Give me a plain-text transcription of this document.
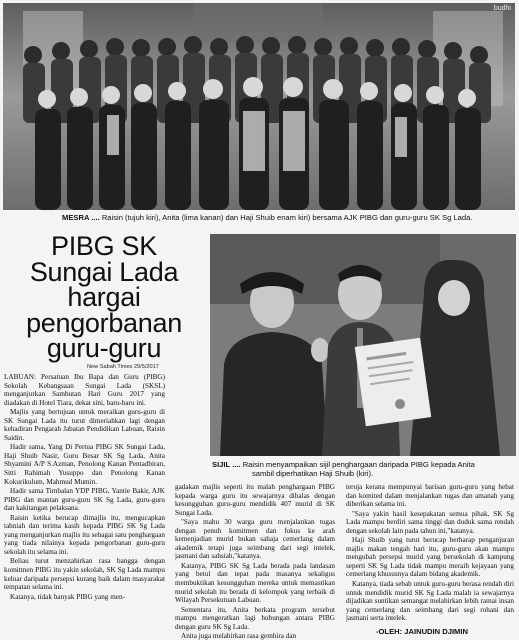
budhi
MESRA .... Raisin (tujuh kiri), Anita (lima kanan) dan Haji Shuib enam kiri) bersama AJK PIBG dan guru-guru SK Sg Lada.
PIBG SK
Sungai Lada
hargai
pengorbanan
guru-guru
New Sabah Times 29/5/2017
SIJIL .... Raisin menyampaikan sijil penghargaan daripada PIBG kepada Anita
sambil diperhatikan Haji Shuib (kiri).

LABUAN: Persatuan Ibu Bapa dan Guru (PIBG) Sekolah Kebangsaan Sungai Lada (SKSL) menganjurkan Sambutan Hari Guru 2017 yang diadakan di Hotel Tiara, dekat sini, baru-baru ini.

Majlis yang bertujuan untuk meraikan guru-guru di SK Sungai Lada itu turut dimeriahkan lagi dengan kehadiran Pengarah Jabatan Pendidikan Labuan, Raisin Saidin.

Hadir sama, Yang Di Pertua PIBG SK Sungai Lada, Haji Shuib Nasir, Guru Besar SK Sg Lada, Anita Shyamini A/P S.Azman, Penolong Kanan Pentadbiran, Sitti Rahimah Yusuppo dan Penolong Kanan Kokurikulum, Mahmud Mumin.

Hadir sama Timbalan YDP PIBG, Yantie Bakir, AJK PIBG dan mantan guru-guru SK Sg Lada, guru-guru dan kakitangan pelaksana.

Raisin ketika berucap dimajlis itu, mengucapkan tahniah dan terima kasih kepada PIBG SK Sg Lada yang menganjurkan majlis itu sebagai satu penghargaan yang tiada nilainya kepada pengorbanan guru-guru sekolah itu selama ini.

Beliau turut menzahirkan rasa bangga dengan komitmen PIBG itu yakin sekolah, SK Sg Lada mampu keluar daripada persepsi kurang baik dalam masyarakat tempatan selama ini.

Katanya, tidak banyak PIBG yang men-

gadakan majlis seperti itu malah penghargaan PIBG kepada warga guru itu sewajarnya dibalas dengan kesungguhan guru-guru mendidik 407 murid di SK Sungai Lada.

"Saya mahu 30 warga guru menjalankan tugas dengan penuh komitmen dan fokus ke arah kemenjadian murid bukan sahaja cemerlang dalam akademik tetapi juga seimbang dari segi intelek, jasmani dan sahsiah,"katanya.

Katanya, PIBG SK Sg Lada berada pada landasan yang betul dan tepat pada masanya sekaligus membuktikan kesungguhan mereka untuk memastikan murid sekolah itu berada di kelompok yang terbaik di Wilayah Persekutuan Labuan.

Sementara itu, Anita berkata program tersebut mampu mengeratkan lagi hubungan antara PIBG dengan guru SK Sg Lada.

Anita juga melahirkan rasa gembira dan

teruja kerana mempunyai barisan guru-guru yang hebat dan komited dalam menjalankan tugas dan amanah yang diberikan selama ini.

"Saya yakin hasil kesepakatan semua pihak, SK Sg Lada mampu berdiri sama tinggi dan duduk sama rendah dengan sekolah lain pada tahun ini,"katanya.

Haji Shuib yang turut berucap berharap penganjuran majlis makan tengah hari itu, guru-guru akan mampu mengubah persepsi murid yang bersekolah di kampung seperti SK Sg Lada tidak mampu meraih kejayaan yang cemerlang khususnya dalam bidang akademik.

Katanya, tiada sebab untuk guru-guru berasa rendah diri untuk mendidik murid SK Sg Lada malah ia sewajarnya dijadikan suntikan semangat melahirkan lebih ramai insan yang cemerlang dan seimbang dari segi rohani dan jasmani serta intelek.

-OLEH: JAINUDIN DJIMIN
